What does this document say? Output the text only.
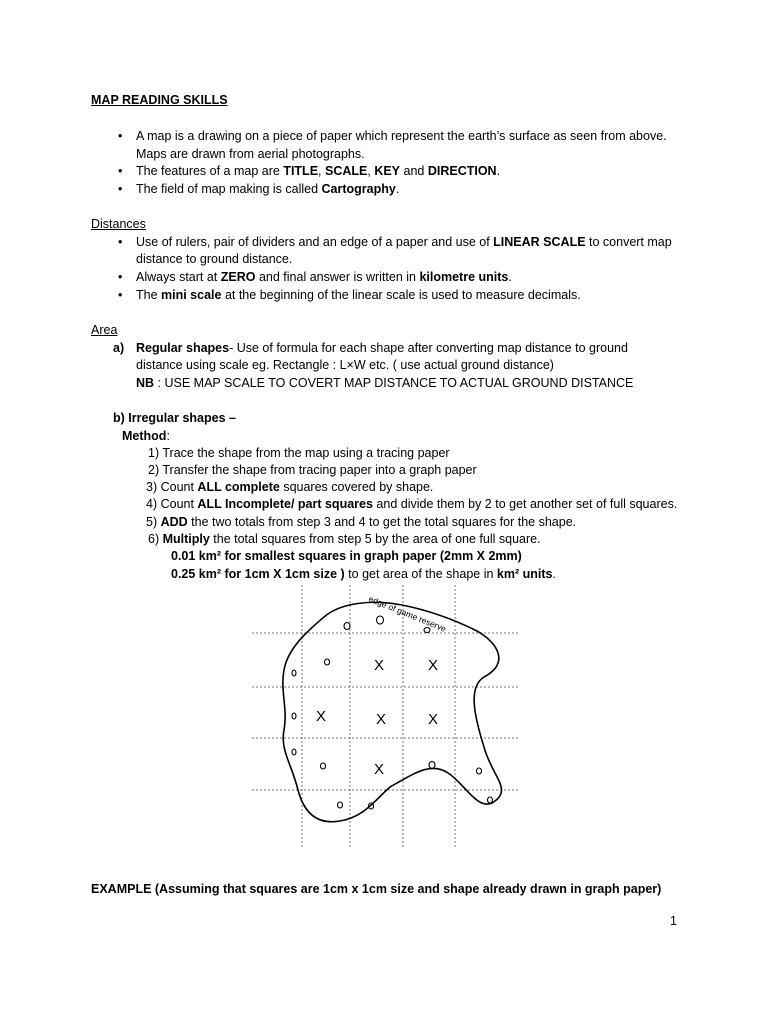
MAP READING SKILLS
• A map is a drawing on a piece of paper which represent the earth’s surface as seen from above.
Maps are drawn from aerial photographs.
• The features of a map are TITLE, SCALE, KEY and DIRECTION.
• The field of map making is called Cartography.
Distances
• Use of rulers, pair of dividers and an edge of a paper and use of LINEAR SCALE to convert map
distance to ground distance.
• Always start at ZERO and final answer is written in kilometre units.
• The mini scale at the beginning of the linear scale is used to measure decimals.
Area
a) Regular shapes- Use of formula for each shape after converting map distance to ground
distance using scale eg. Rectangle : L×W etc. ( use actual ground distance)
NB : USE MAP SCALE TO COVERT MAP DISTANCE TO ACTUAL GROUND DISTANCE
b) Irregular shapes –
Method:
1) Trace the shape from the map using a tracing paper
2) Transfer the shape from tracing paper into a graph paper
3) Count ALL complete squares covered by shape.
4) Count ALL Incomplete/ part squares and divide them by 2 to get another set of full squares.
5) ADD the two totals from step 3 and 4 to get the total squares for the shape.
6) Multiply the total squares from step 5 by the area of one full square.
0.01 km² for smallest squares in graph paper (2mm X 2mm)
0.25 km² for 1cm X 1cm size ) to get area of the shape in km² units.
edge of game reserve
X	X
X	X	X
X
EXAMPLE (Assuming that squares are 1cm x 1cm size and shape already drawn in graph paper)
1
